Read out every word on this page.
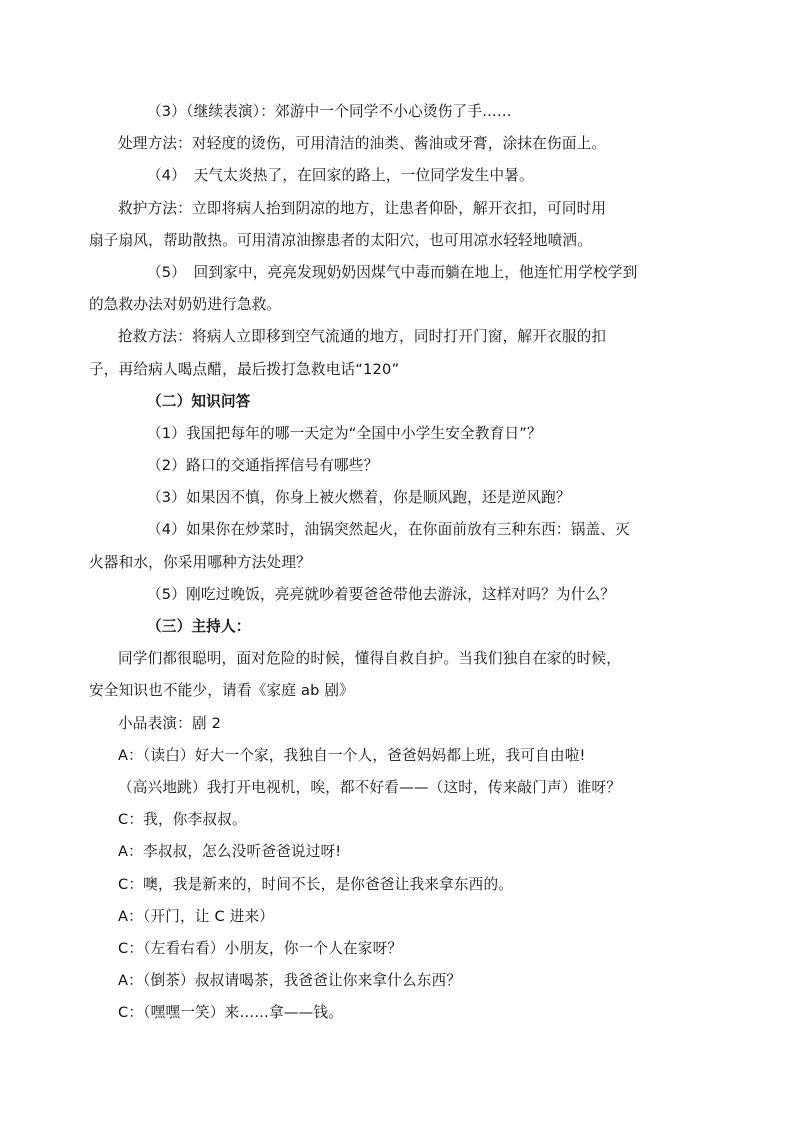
（3）（继续表演）：郊游中一个同学不小心烫伤了手……
处理方法：对轻度的烫伤，可用清洁的油类、酱油或牙膏，涂抹在伤面上。
（4）　天气太炎热了，在回家的路上，一位同学发生中暑。
救护方法：立即将病人抬到阴凉的地方，让患者仰卧，解开衣扣，可同时用
扇子扇风，帮助散热。可用清凉油擦患者的太阳穴，也可用凉水轻轻地喷洒。
（5）　回到家中，亮亮发现奶奶因煤气中毒而躺在地上，他连忙用学校学到
的急救办法对奶奶进行急救。
抢救方法：将病人立即移到空气流通的地方，同时打开门窗，解开衣服的扣
子，再给病人喝点醋，最后拨打急救电话“120”
（二）知识问答
（1）我国把每年的哪一天定为“全国中小学生安全教育日”？
（2）路口的交通指挥信号有哪些？
（3）如果因不慎，你身上被火燃着，你是顺风跑，还是逆风跑？
（4）如果你在炒菜时，油锅突然起火，在你面前放有三种东西：锅盖、灭
火器和水，你采用哪种方法处理？
（5）刚吃过晚饭，亮亮就吵着要爸爸带他去游泳，这样对吗？为什么？
（三）主持人：
同学们都很聪明，面对危险的时候，懂得自救自护。当我们独自在家的时候，
安全知识也不能少，请看《家庭 ab 剧》
小品表演：剧 2
A：（读白）好大一个家，我独自一个人，爸爸妈妈都上班，我可自由啦!
（高兴地跳）我打开电视机，唉，都不好看——（这时，传来敲门声）谁呀？
C：我，你李叔叔。
A：李叔叔，怎么没听爸爸说过呀!
C：噢，我是新来的，时间不长，是你爸爸让我来拿东西的。
A：（开门，让 C 进来）
C：（左看右看）小朋友，你一个人在家呀？
A：（倒茶）叔叔请喝茶，我爸爸让你来拿什么东西？
C：（嘿嘿一笑）来……拿——钱。
